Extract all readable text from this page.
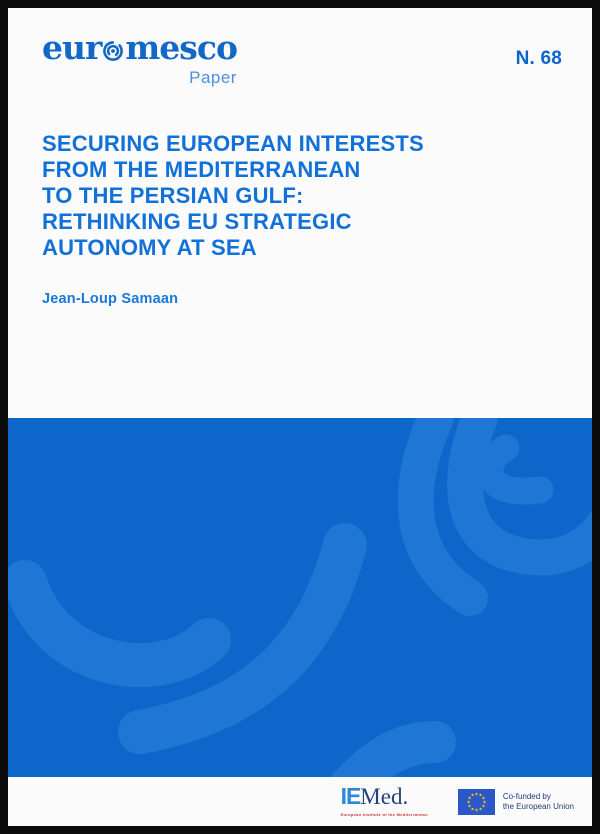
eur mesco
Paper
N. 68
SECURING EUROPEAN INTERESTS
FROM THE MEDITERRANEAN
TO THE PERSIAN GULF:
RETHINKING EU STRATEGIC
AUTONOMY AT SEA
Jean-Loup Samaan
IEMed.
European Institute of the Mediterranean
★ ★
★
★
★
★
★
★
★
★
★
★	Co-funded by
the European Union
